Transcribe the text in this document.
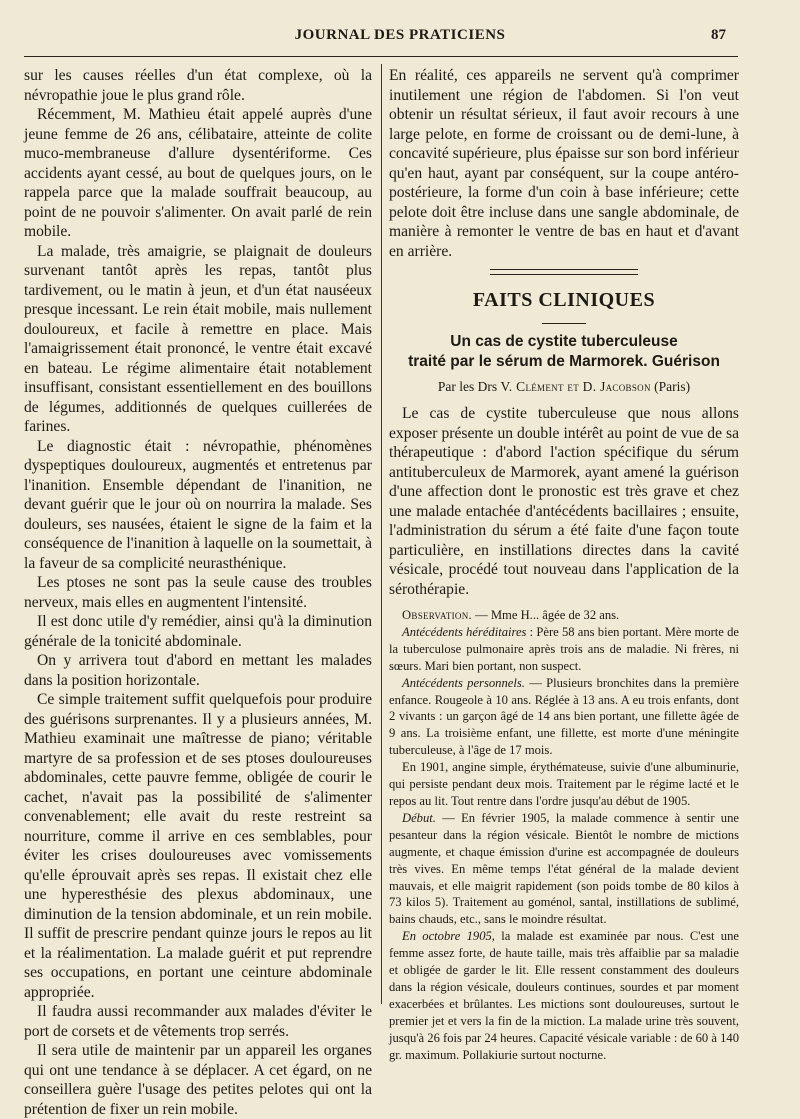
JOURNAL DES PRATICIENS	87

sur les causes réelles d'un état complexe, où la névropathie joue le plus grand rôle.

Récemment, M. Mathieu était appelé auprès d'une jeune femme de 26 ans, célibataire, atteinte de colite muco-membraneuse d'allure dysentériforme. Ces accidents ayant cessé, au bout de quelques jours, on le rappela parce que la malade souffrait beaucoup, au point de ne pouvoir s'alimenter. On avait parlé de rein mobile.

La malade, très amaigrie, se plaignait de douleurs survenant tantôt après les repas, tantôt plus tardivement, ou le matin à jeun, et d'un état nauséeux presque incessant. Le rein était mobile, mais nullement douloureux, et facile à remettre en place. Mais l'amaigrissement était prononcé, le ventre était excavé en bateau. Le régime alimentaire était notablement insuffisant, consistant essentiellement en des bouillons de légumes, additionnés de quelques cuillerées de farines.

Le diagnostic était : névropathie, phénomènes dyspeptiques douloureux, augmentés et entretenus par l'inanition. Ensemble dépendant de l'inanition, ne devant guérir que le jour où on nourrira la malade. Ses douleurs, ses nausées, étaient le signe de la faim et la conséquence de l'inanition à laquelle on la soumettait, à la faveur de sa complicité neurasthénique.

Les ptoses ne sont pas la seule cause des troubles nerveux, mais elles en augmentent l'intensité.

Il est donc utile d'y remédier, ainsi qu'à la diminution générale de la tonicité abdominale.

On y arrivera tout d'abord en mettant les malades dans la position horizontale.

Ce simple traitement suffit quelquefois pour produire des guérisons surprenantes. Il y a plusieurs années, M. Mathieu examinait une maîtresse de piano; véritable martyre de sa profession et de ses ptoses douloureuses abdominales, cette pauvre femme, obligée de courir le cachet, n'avait pas la possibilité de s'alimenter convenablement; elle avait du reste restreint sa nourriture, comme il arrive en ces semblables, pour éviter les crises douloureuses avec vomissements qu'elle éprouvait après ses repas. Il existait chez elle une hyperesthésie des plexus abdominaux, une diminution de la tension abdominale, et un rein mobile. Il suffit de prescrire pendant quinze jours le repos au lit et la réalimentation. La malade guérit et put reprendre ses occupations, en portant une ceinture abdominale appropriée.

Il faudra aussi recommander aux malades d'éviter le port de corsets et de vêtements trop serrés.

Il sera utile de maintenir par un appareil les organes qui ont une tendance à se déplacer. A cet égard, on ne conseillera guère l'usage des petites pelotes qui ont la prétention de fixer un rein mobile.

En réalité, ces appareils ne servent qu'à comprimer inutilement une région de l'abdomen. Si l'on veut obtenir un résultat sérieux, il faut avoir recours à une large pelote, en forme de croissant ou de demi-lune, à concavité supérieure, plus épaisse sur son bord inférieur qu'en haut, ayant par conséquent, sur la coupe antéro-postérieure, la forme d'un coin à base inférieure; cette pelote doit être incluse dans une sangle abdominale, de manière à remonter le ventre de bas en haut et d'avant en arrière.

FAITS CLINIQUES
Un cas de cystite tuberculeuse
traité par le sérum de Marmorek. Guérison
Par les Drs V. Clément et D. Jacobson (Paris)

Le cas de cystite tuberculeuse que nous allons exposer présente un double intérêt au point de vue de sa thérapeutique : d'abord l'action spécifique du sérum antituberculeux de Marmorek, ayant amené la guérison d'une affection dont le pronostic est très grave et chez une malade entachée d'antécédents bacillaires ; ensuite, l'administration du sérum a été faite d'une façon toute particulière, en instillations directes dans la cavité vésicale, procédé tout nouveau dans l'application de la sérothérapie.

Observation. — Mme H... âgée de 32 ans.

Antécédents héréditaires : Père 58 ans bien portant. Mère morte de la tuberculose pulmonaire après trois ans de maladie. Ni frères, ni sœurs. Mari bien portant, non suspect.

Antécédents personnels. — Plusieurs bronchites dans la première enfance. Rougeole à 10 ans. Réglée à 13 ans. A eu trois enfants, dont 2 vivants : un garçon âgé de 14 ans bien portant, une fillette âgée de 9 ans. La troisième enfant, une fillette, est morte d'une méningite tuberculeuse, à l'âge de 17 mois.

En 1901, angine simple, érythémateuse, suivie d'une albuminurie, qui persiste pendant deux mois. Traitement par le régime lacté et le repos au lit. Tout rentre dans l'ordre jusqu'au début de 1905.

Début. — En février 1905, la malade commence à sentir une pesanteur dans la région vésicale. Bientôt le nombre de mictions augmente, et chaque émission d'urine est accompagnée de douleurs très vives. En même temps l'état général de la malade devient mauvais, et elle maigrit rapidement (son poids tombe de 80 kilos à 73 kilos 5). Traitement au goménol, santal, instillations de sublimé, bains chauds, etc., sans le moindre résultat.

En octobre 1905, la malade est examinée par nous. C'est une femme assez forte, de haute taille, mais très affaiblie par sa maladie et obligée de garder le lit. Elle ressent constamment des douleurs dans la région vésicale, douleurs continues, sourdes et par moment exacerbées et brûlantes. Les mictions sont douloureuses, surtout le premier jet et vers la fin de la miction. La malade urine très souvent, jusqu'à 26 fois par 24 heures. Capacité vésicale variable : de 60 à 140 gr. maximum. Pollakiurie surtout nocturne.
